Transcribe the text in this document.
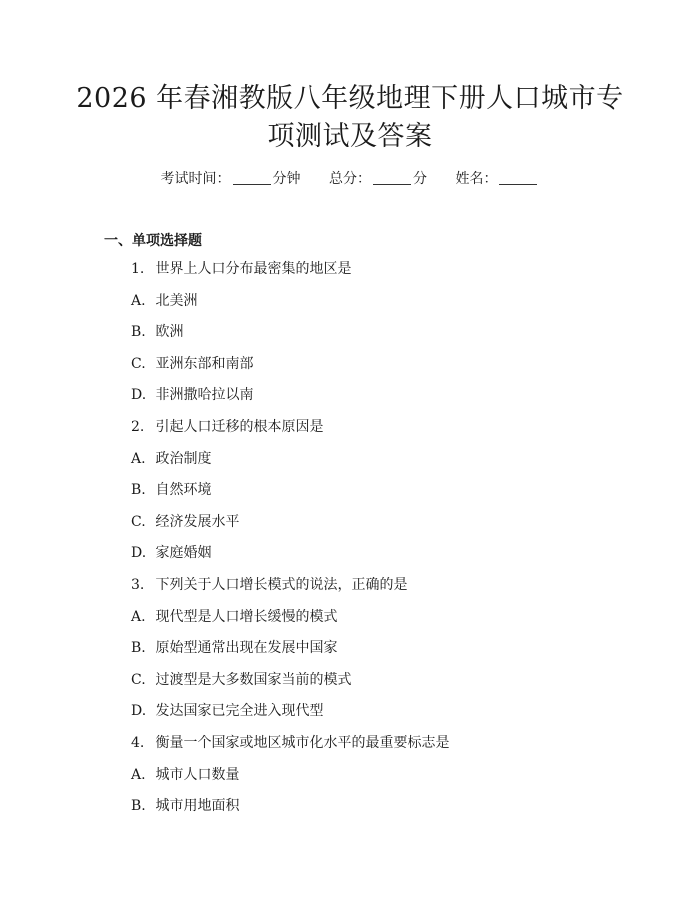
2026 年春湘教版八年级地理下册人口城市专
项测试及答案
考试时间：	分钟 总分：	分 姓名：
一、单项选择题
1. 世界上人口分布最密集的地区是
A. 北美洲
B. 欧洲
C. 亚洲东部和南部
D. 非洲撒哈拉以南
2. 引起人口迁移的根本原因是
A. 政治制度
B. 自然环境
C. 经济发展水平
D. 家庭婚姻
3. 下列关于人口增长模式的说法，正确的是
A. 现代型是人口增长缓慢的模式
B. 原始型通常出现在发展中国家
C. 过渡型是大多数国家当前的模式
D. 发达国家已完全进入现代型
4. 衡量一个国家或地区城市化水平的最重要标志是
A. 城市人口数量
B. 城市用地面积
